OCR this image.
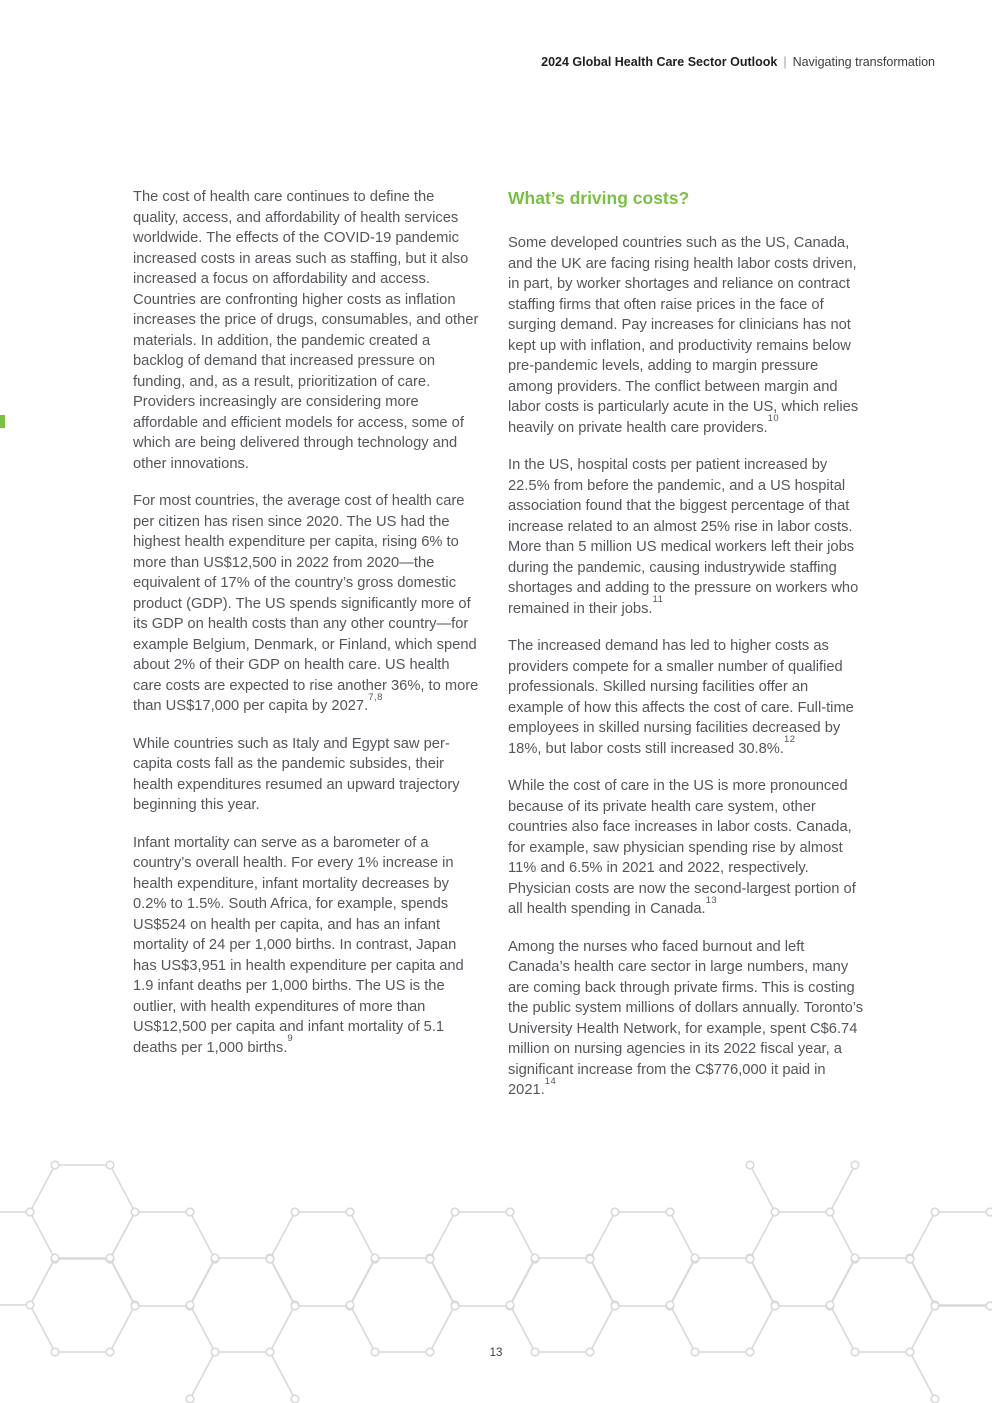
2024 Global Health Care Sector Outlook | Navigating transformation

The cost of health care continues to define the quality, access, and affordability of health services worldwide. The effects of the COVID-19 pandemic increased costs in areas such as staffing, but it also increased a focus on affordability and access. Countries are confronting higher costs as inflation increases the price of drugs, consumables, and other materials. In addition, the pandemic created a backlog of demand that increased pressure on funding, and, as a result, prioritization of care. Providers increasingly are considering more affordable and efficient models for access, some of which are being delivered through technology and other innovations.

For most countries, the average cost of health care per citizen has risen since 2020. The US had the highest health expenditure per capita, rising 6% to more than US$12,500 in 2022 from 2020—the equivalent of 17% of the country’s gross domestic product (GDP). The US spends significantly more of its GDP on health costs than any other country—for example Belgium, Denmark, or Finland, which spend about 2% of their GDP on health care. US health care costs are expected to rise another 36%, to more than US$17,000 per capita by 2027.$^{7,8}$

While countries such as Italy and Egypt saw per-capita costs fall as the pandemic subsides, their health expenditures resumed an upward trajectory beginning this year.

Infant mortality can serve as a barometer of a country’s overall health. For every 1% increase in health expenditure, infant mortality decreases by 0.2% to 1.5%. South Africa, for example, spends US$524 on health per capita, and has an infant mortality of 24 per 1,000 births. In contrast, Japan has US$3,951 in health expenditure per capita and 1.9 infant deaths per 1,000 births. The US is the outlier, with health expenditures of more than US$12,500 per capita and infant mortality of 5.1 deaths per 1,000 births.$^9$

What’s driving costs?

Some developed countries such as the US, Canada, and the UK are facing rising health labor costs driven, in part, by worker shortages and reliance on contract staffing firms that often raise prices in the face of surging demand. Pay increases for clinicians has not kept up with inflation, and productivity remains below pre-pandemic levels, adding to margin pressure among providers. The conflict between margin and labor costs is particularly acute in the US, which relies heavily on private health care providers.$^{10}$

In the US, hospital costs per patient increased by 22.5% from before the pandemic, and a US hospital association found that the biggest percentage of that increase related to an almost 25% rise in labor costs. More than 5 million US medical workers left their jobs during the pandemic, causing industrywide staffing shortages and adding to the pressure on workers who remained in their jobs.$^{11}$

The increased demand has led to higher costs as providers compete for a smaller number of qualified professionals. Skilled nursing facilities offer an example of how this affects the cost of care. Full-time employees in skilled nursing facilities decreased by 18%, but labor costs still increased 30.8%.$^{12}$

While the cost of care in the US is more pronounced because of its private health care system, other countries also face increases in labor costs. Canada, for example, saw physician spending rise by almost 11% and 6.5% in 2021 and 2022, respectively. Physician costs are now the second-largest portion of all health spending in Canada.$^{13}$

Among the nurses who faced burnout and left Canada’s health care sector in large numbers, many are coming back through private firms. This is costing the public system millions of dollars annually. Toronto’s University Health Network, for example, spent C$6.74 million on nursing agencies in its 2022 fiscal year, a significant increase from the C$776,000 it paid in 2021.14

13
